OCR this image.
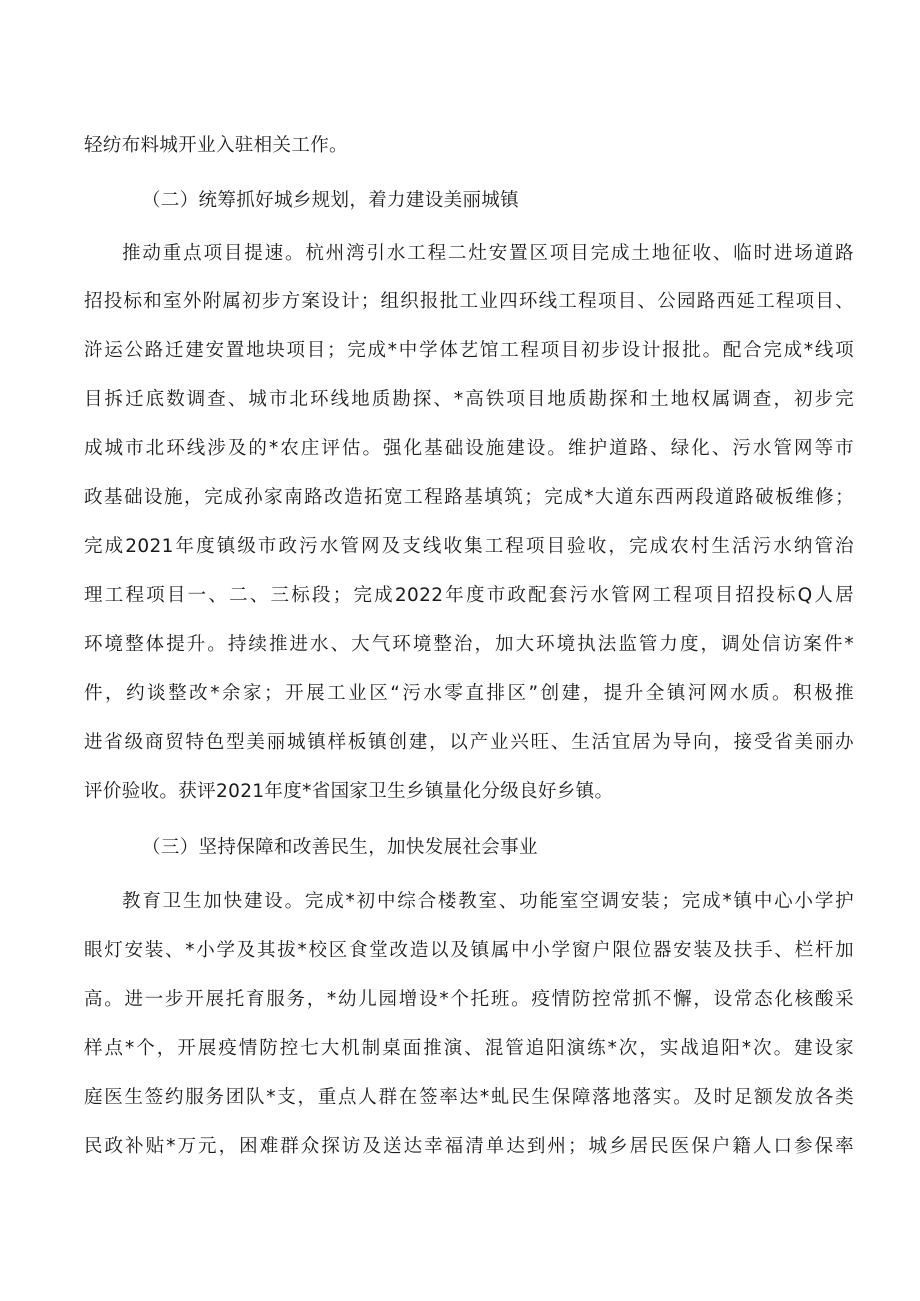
轻纺布料城开业入驻相关工作。
（二）统筹抓好城乡规划，着力建设美丽城镇
推动重点项目提速。杭州湾引水工程二灶安置区项目完成土地征收、临时进场道路
招投标和室外附属初步方案设计；组织报批工业四环线工程项目、公园路西延工程项目、
浒运公路迁建安置地块项目；完成*中学体艺馆工程项目初步设计报批。配合完成*线项
目拆迁底数调查、城市北环线地质勘探、*高铁项目地质勘探和土地权属调查，初步完
成城市北环线涉及的*农庄评估。强化基础设施建设。维护道路、绿化、污水管网等市
政基础设施，完成孙家南路改造拓宽工程路基填筑；完成*大道东西两段道路破板维修；
完成2021年度镇级市政污水管网及支线收集工程项目验收，完成农村生活污水纳管治
理工程项目一、二、三标段；完成2022年度市政配套污水管网工程项目招投标Q人居
环境整体提升。持续推进水、大气环境整治，加大环境执法监管力度，调处信访案件*
件，约谈整改*余家；开展工业区“污水零直排区”创建，提升全镇河网水质。积极推
进省级商贸特色型美丽城镇样板镇创建，以产业兴旺、生活宜居为导向，接受省美丽办
评价验收。获评2021年度*省国家卫生乡镇量化分级良好乡镇。
（三）坚持保障和改善民生，加快发展社会事业
教育卫生加快建设。完成*初中综合楼教室、功能室空调安装；完成*镇中心小学护
眼灯安装、*小学及其拔*校区食堂改造以及镇属中小学窗户限位器安装及扶手、栏杆加
高。进一步开展托育服务，*幼儿园增设*个托班。疫情防控常抓不懈，设常态化核酸采
样点*个，开展疫情防控七大机制桌面推演、混管追阳演练*次，实战追阳*次。建设家
庭医生签约服务团队*支，重点人群在签率达*虬民生保障落地落实。及时足额发放各类
民政补贴*万元，困难群众探访及送达幸福清单达到州；城乡居民医保户籍人口参保率
